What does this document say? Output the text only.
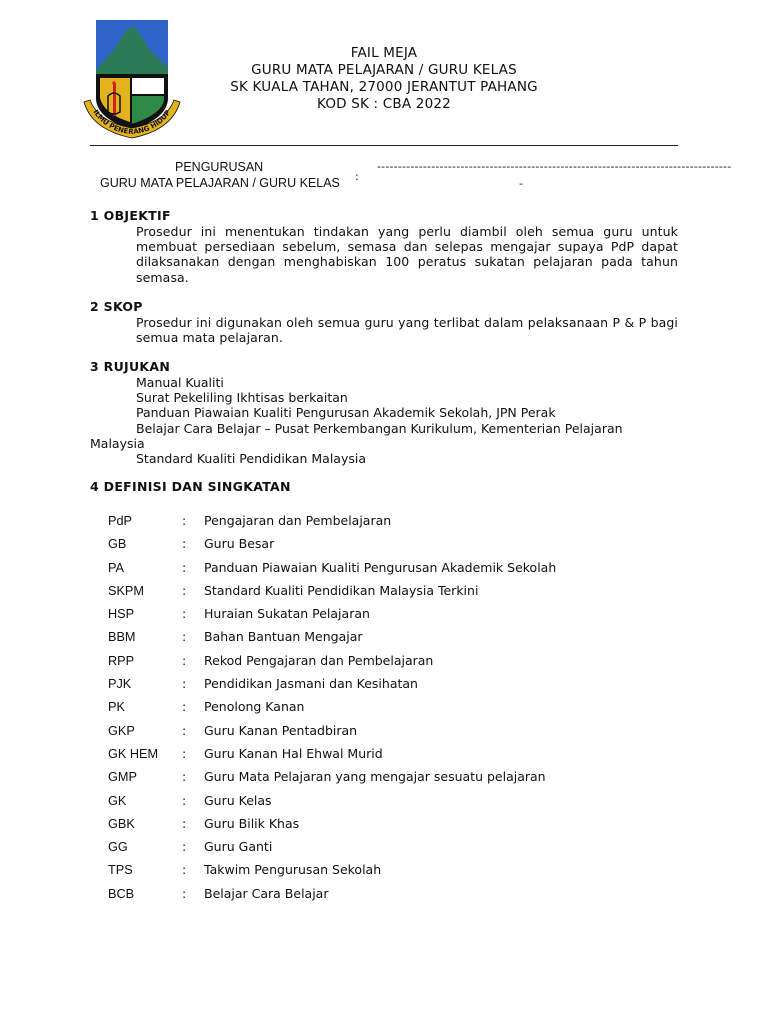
ILMU PENERANG HIDUP
FAIL MEJA
GURU MATA PELAJARAN / GURU KELAS
SK KUALA TAHAN, 27000 JERANTUT PAHANG
KOD SK : CBA 2022
PENGURUSAN
GURU MATA PELAJARAN / GURU KELAS :
-------------------------------------------------------------------------------------
-
1 OBJEKTIF
Prosedur ini menentukan tindakan yang perlu diambil oleh semua guru untuk membuat persediaan sebelum, semasa dan selepas mengajar supaya PdP dapat dilaksanakan dengan menghabiskan 100 peratus sukatan pelajaran pada tahun semasa.
2 SKOP
Prosedur ini digunakan oleh semua guru yang terlibat dalam pelaksanaan P & P bagi semua mata pelajaran.
3 RUJUKAN
Manual Kualiti
Surat Pekeliling Ikhtisas berkaitan
Panduan Piawaian Kualiti Pengurusan Akademik Sekolah, JPN Perak
Belajar Cara Belajar – Pusat Perkembangan Kurikulum, Kementerian Pelajaran
Malaysia
Standard Kualiti Pendidikan Malaysia
4 DEFINISI DAN SINGKATAN
PdP	: Pengajaran dan Pembelajaran
GB	: Guru Besar
PA	: Panduan Piawaian Kualiti Pengurusan Akademik Sekolah
SKPM	: Standard Kualiti Pendidikan Malaysia Terkini
HSP	: Huraian Sukatan Pelajaran
BBM	: Bahan Bantuan Mengajar
RPP	: Rekod Pengajaran dan Pembelajaran
PJK	: Pendidikan Jasmani dan Kesihatan
PK	: Penolong Kanan
GKP	: Guru Kanan Pentadbiran
GK HEM : Guru Kanan Hal Ehwal Murid
GMP	: Guru Mata Pelajaran yang mengajar sesuatu pelajaran
GK	: Guru Kelas
GBK	: Guru Bilik Khas
GG	: Guru Ganti
TPS	: Takwim Pengurusan Sekolah
BCB	: Belajar Cara Belajar
